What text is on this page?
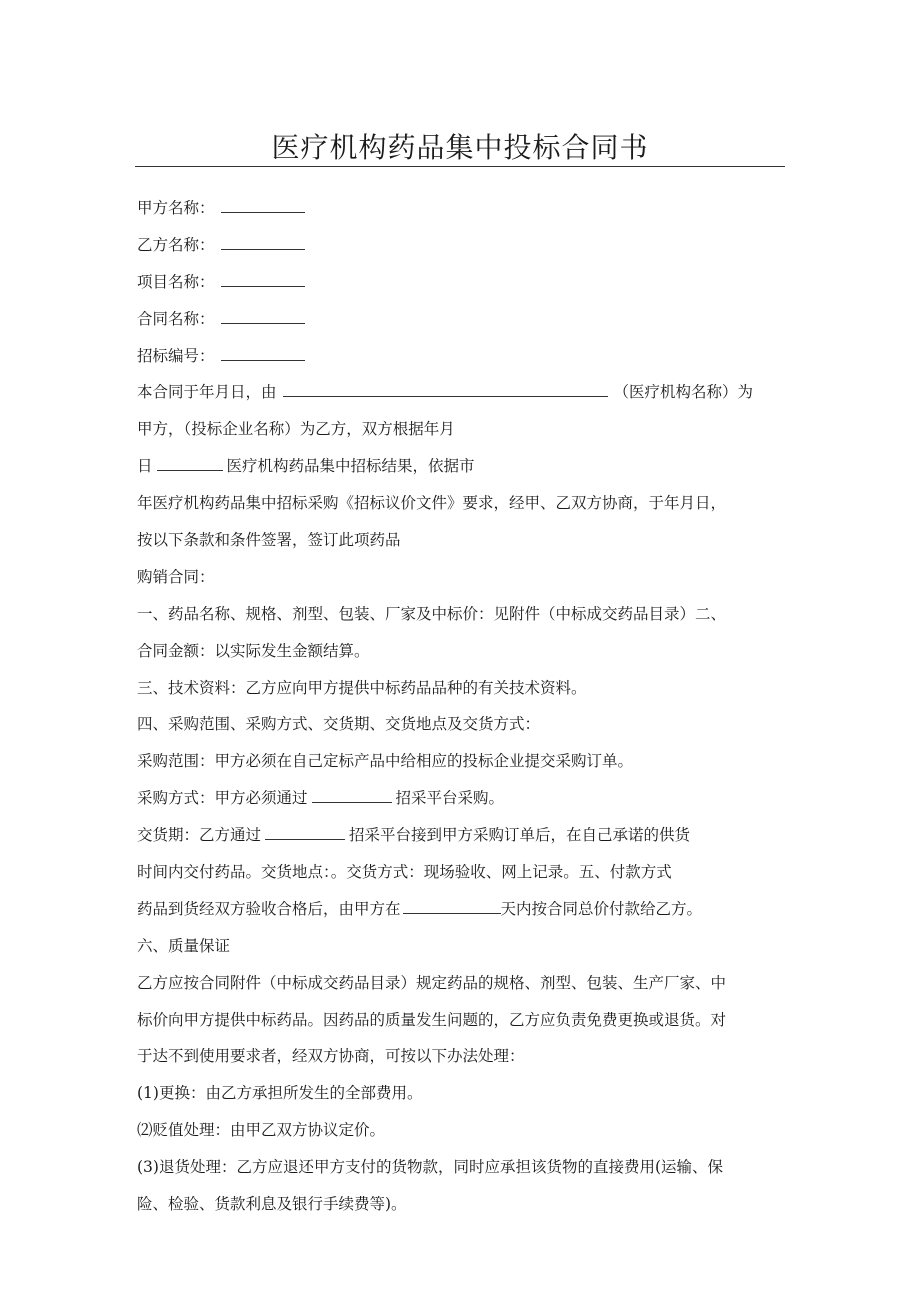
医疗机构药品集中投标合同书
甲方名称：
乙方名称：
项目名称：
合同名称：
招标编号：
本合同于年月日，由	（医疗机构名称）为
甲方，（投标企业名称）为乙方，双方根据年月
日	医疗机构药品集中招标结果，依据市
年医疗机构药品集中招标采购《招标议价文件》要求，经甲、乙双方协商，于年月日，
按以下条款和条件签署，签订此项药品
购销合同：
一、药品名称、规格、剂型、包装、厂家及中标价：见附件（中标成交药品目录）二、
合同金额：以实际发生金额结算。
三、技术资料：乙方应向甲方提供中标药品品种的有关技术资料。
四、采购范围、采购方式、交货期、交货地点及交货方式：
采购范围：甲方必须在自己定标产品中给相应的投标企业提交采购订单。
采购方式：甲方必须通过	招采平台采购。
交货期：乙方通过	招采平台接到甲方采购订单后，在自己承诺的供货
时间内交付药品。交货地点：。交货方式：现场验收、网上记录。五、付款方式
药品到货经双方验收合格后，由甲方在	天内按合同总价付款给乙方。
六、质量保证
乙方应按合同附件（中标成交药品目录）规定药品的规格、剂型、包装、生产厂家、中
标价向甲方提供中标药品。因药品的质量发生问题的，乙方应负责免费更换或退货。对
于达不到使用要求者，经双方协商，可按以下办法处理：
(1)更换：由乙方承担所发生的全部费用。
⑵贬值处理：由甲乙双方协议定价。
(3)退货处理：乙方应退还甲方支付的货物款，同时应承担该货物的直接费用(运输、保
险、检验、货款利息及银行手续费等)。
